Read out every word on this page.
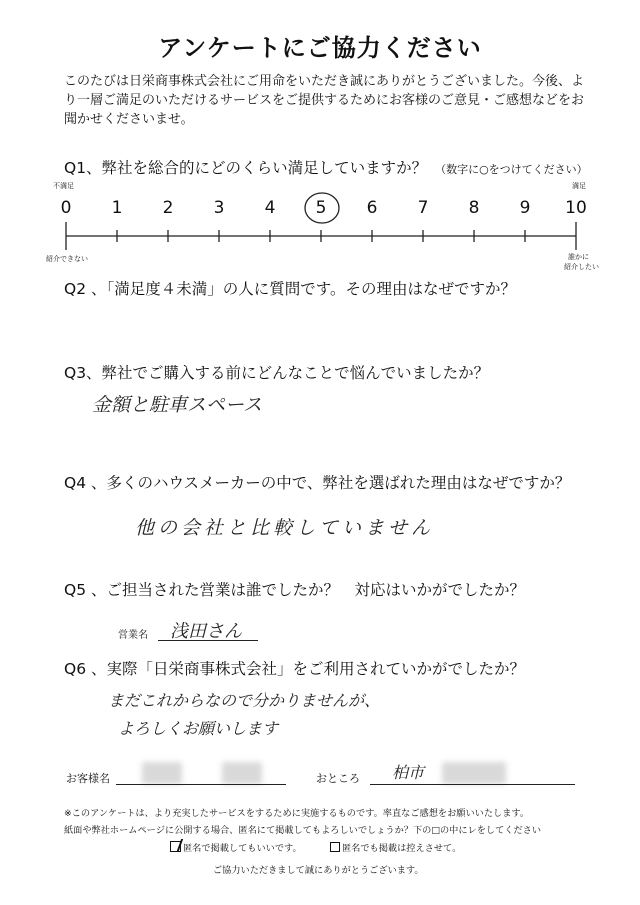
アンケートにご協力ください
このたびは日栄商事株式会社にご用命をいただき誠にありがとうございました。今後、より一層ご満足のいただけるサービスをご提供するためにお客様のご意見・ご感想などをお聞かせくださいませ。
Q1、弊社を総合的にどのくらい満足していますか？ （数字に○をつけてください）
不満足	満足
0	1	2	3	4	5	6	7	8	9	10
紹介できない	誰かに
紹介したい
Q2 、「満足度４未満」の人に質問です。その理由はなぜですか？
Q3、弊社でご購入する前にどんなことで悩んでいましたか？
金額と駐車スペース
Q4 、多くのハウスメーカーの中で、弊社を選ばれた理由はなぜですか？
他の会社と比較していません
Q5 、ご担当された営業は誰でしたか？　対応はいかがでしたか？
営業名 浅田さん
Q6 、実際「日栄商事株式会社」をご利用されていかがでしたか？
まだこれからなので分かりませんが、
よろしくお願いします
お客様名	おところ 柏市
※このアンケートは、より充実したサービスをするために実施するものです。率直なご感想をお願いいたします。
紙面や弊社ホームページに公開する場合、匿名にて掲載してもよろしいでしょうか？下の□の中にレをしてください
匿名で掲載してもいいです。	匿名でも掲載は控えさせて。
ご協力いただきまして誠にありがとうございます。
